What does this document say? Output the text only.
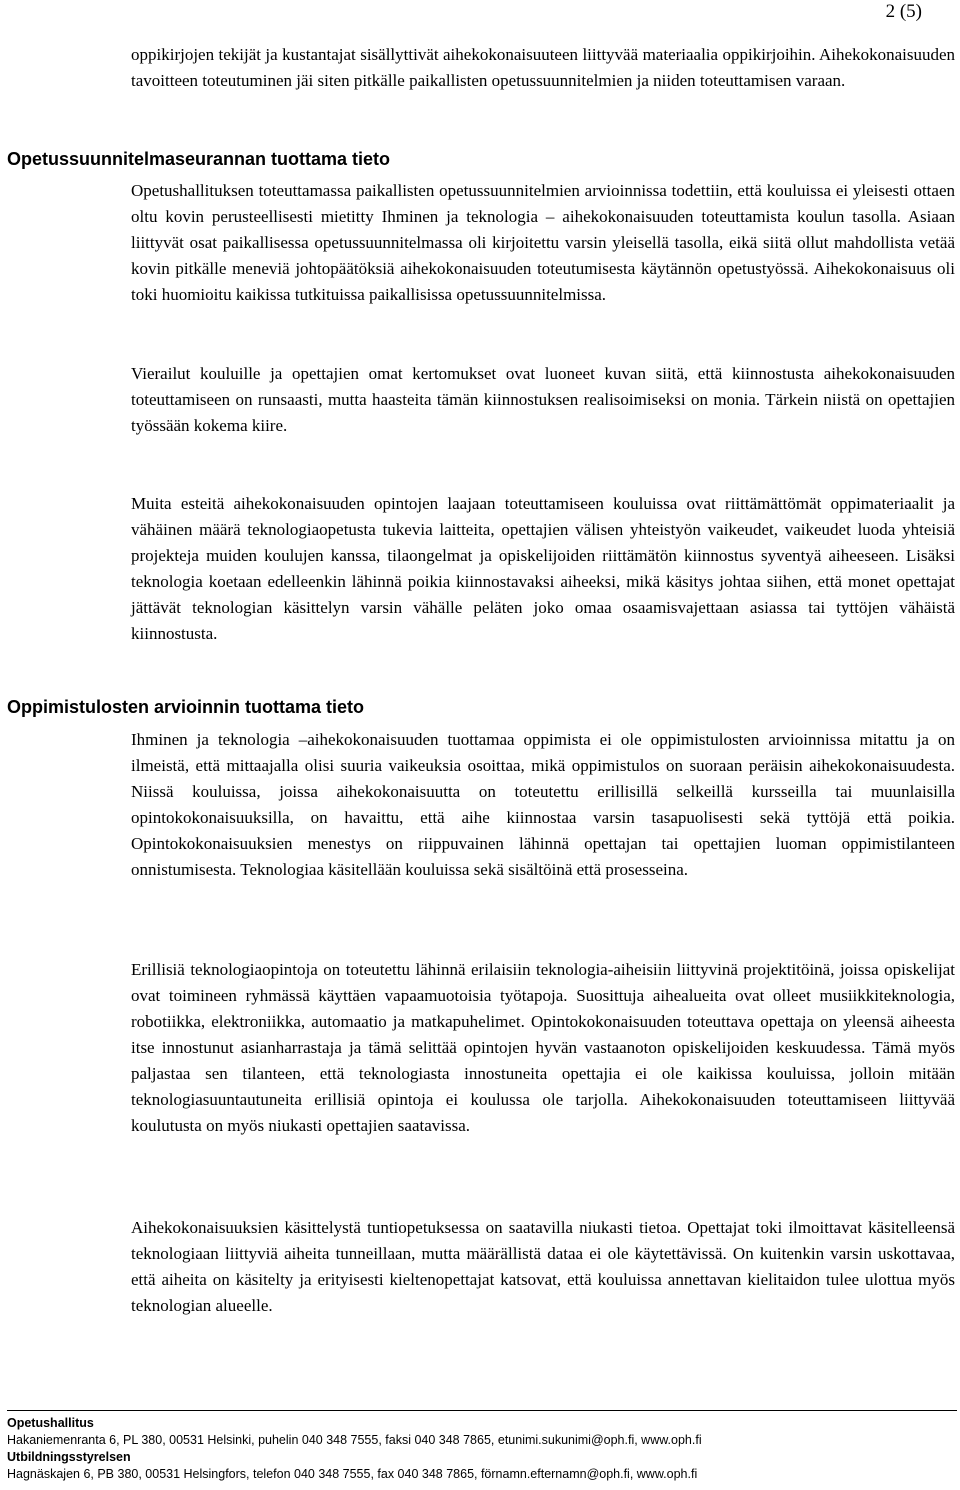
2 (5)

oppikirjojen tekijät ja kustantajat sisällyttivät aihekokonaisuuteen liittyvää materiaalia oppikirjoihin. Aihekokonaisuuden tavoitteen toteutuminen jäi siten pitkälle paikallisten opetussuunnitelmien ja niiden toteuttamisen varaan.

Opetussuunnitelmaseurannan tuottama tieto

Opetushallituksen toteuttamassa paikallisten opetussuunnitelmien arvioinnissa todettiin, että kouluissa ei yleisesti ottaen oltu kovin perusteellisesti mietitty Ihminen ja teknologia – aihekokonaisuuden toteuttamista koulun tasolla. Asiaan liittyvät osat paikallisessa opetussuunnitelmassa oli kirjoitettu varsin yleisellä tasolla, eikä siitä ollut mahdollista vetää kovin pitkälle meneviä johtopäätöksiä aihekokonaisuuden toteutumisesta käytännön opetustyössä. Aihekokonaisuus oli toki huomioitu kaikissa tutkituissa paikallisissa opetussuunnitelmissa.

Vierailut kouluille ja opettajien omat kertomukset ovat luoneet kuvan siitä, että kiinnostusta aihekokonaisuuden toteuttamiseen on runsaasti, mutta haasteita tämän kiinnostuksen realisoimiseksi on monia. Tärkein niistä on opettajien työssään kokema kiire.

Muita esteitä aihekokonaisuuden opintojen laajaan toteuttamiseen kouluissa ovat riittämättömät oppimateriaalit ja vähäinen määrä teknologiaopetusta tukevia laitteita, opettajien välisen yhteistyön vaikeudet, vaikeudet luoda yhteisiä projekteja muiden koulujen kanssa, tilaongelmat ja opiskelijoiden riittämätön kiinnostus syventyä aiheeseen. Lisäksi teknologia koetaan edelleenkin lähinnä poikia kiinnostavaksi aiheeksi, mikä käsitys johtaa siihen, että monet opettajat jättävät teknologian käsittelyn varsin vähälle peläten joko omaa osaamisvajettaan asiassa tai tyttöjen vähäistä kiinnostusta.

Oppimistulosten arvioinnin tuottama tieto

Ihminen ja teknologia –aihekokonaisuuden tuottamaa oppimista ei ole oppimistulosten arvioinnissa mitattu ja on ilmeistä, että mittaajalla olisi suuria vaikeuksia osoittaa, mikä oppimistulos on suoraan peräisin aihekokonaisuudesta. Niissä kouluissa, joissa aihekokonaisuutta on toteutettu erillisillä selkeillä kursseilla tai muunlaisilla opintokokonaisuuksilla, on havaittu, että aihe kiinnostaa varsin tasapuolisesti sekä tyttöjä että poikia. Opintokokonaisuuksien menestys on riippuvainen lähinnä opettajan tai opettajien luoman oppimistilanteen onnistumisesta. Teknologiaa käsitellään kouluissa sekä sisältöinä että prosesseina.

Erillisiä teknologiaopintoja on toteutettu lähinnä erilaisiin teknologia-aiheisiin liittyvinä projektitöinä, joissa opiskelijat ovat toimineen ryhmässä käyttäen vapaamuotoisia työtapoja. Suosittuja aihealueita ovat olleet musiikkiteknologia, robotiikka, elektroniikka, automaatio ja matkapuhelimet. Opintokokonaisuuden toteuttava opettaja on yleensä aiheesta itse innostunut asianharrastaja ja tämä selittää opintojen hyvän vastaanoton opiskelijoiden keskuudessa. Tämä myös paljastaa sen tilanteen, että teknologiasta innostuneita opettajia ei ole kaikissa kouluissa, jolloin mitään teknologiasuuntautuneita erillisiä opintoja ei koulussa ole tarjolla. Aihekokonaisuuden toteuttamiseen liittyvää koulutusta on myös niukasti opettajien saatavissa.

Aihekokonaisuuksien käsittelystä tuntiopetuksessa on saatavilla niukasti tietoa. Opettajat toki ilmoittavat käsitelleensä teknologiaan liittyviä aiheita tunneillaan, mutta määrällistä dataa ei ole käytettävissä. On kuitenkin varsin uskottavaa, että aiheita on käsitelty ja erityisesti kieltenopettajat katsovat, että kouluissa annettavan kielitaidon tulee ulottua myös teknologian alueelle.

Opetushallitus
Hakaniemenranta 6, PL 380, 00531 Helsinki, puhelin 040 348 7555, faksi 040 348 7865, etunimi.sukunimi@oph.fi, www.oph.fi
Utbildningsstyrelsen
Hagnäskajen 6, PB 380, 00531 Helsingfors, telefon 040 348 7555, fax 040 348 7865, förnamn.efternamn@oph.fi, www.oph.fi
